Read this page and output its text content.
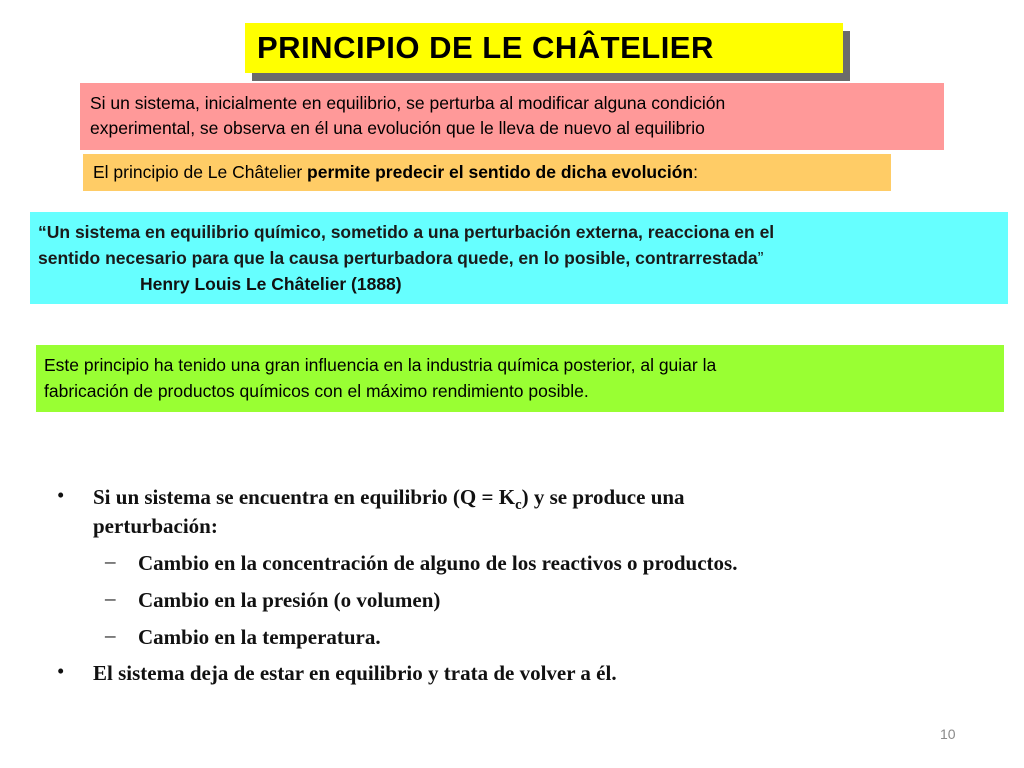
PRINCIPIO DE LE CHÂTELIER
Si un sistema, inicialmente en equilibrio, se perturba al modificar alguna condición
experimental, se observa en él una evolución que le lleva de nuevo al equilibrio
El principio de Le Châtelier permite predecir el sentido de dicha evolución:
“Un sistema en equilibrio químico, sometido a una perturbación externa, reacciona en el
sentido necesario para que la causa perturbadora quede, en lo posible, contrarrestada”
Henry Louis Le Châtelier (1888)
Este principio ha tenido una gran influencia en la industria química posterior, al guiar la
fabricación de productos químicos con el máximo rendimiento posible.
• Si un sistema se encuentra en equilibrio $(Q = K_c)$ y se produce una
perturbación:
– Cambio en la concentración de alguno de los reactivos o productos.
– Cambio en la presión (o volumen)
– Cambio en la temperatura.
• El sistema deja de estar en equilibrio y trata de volver a él.
10
